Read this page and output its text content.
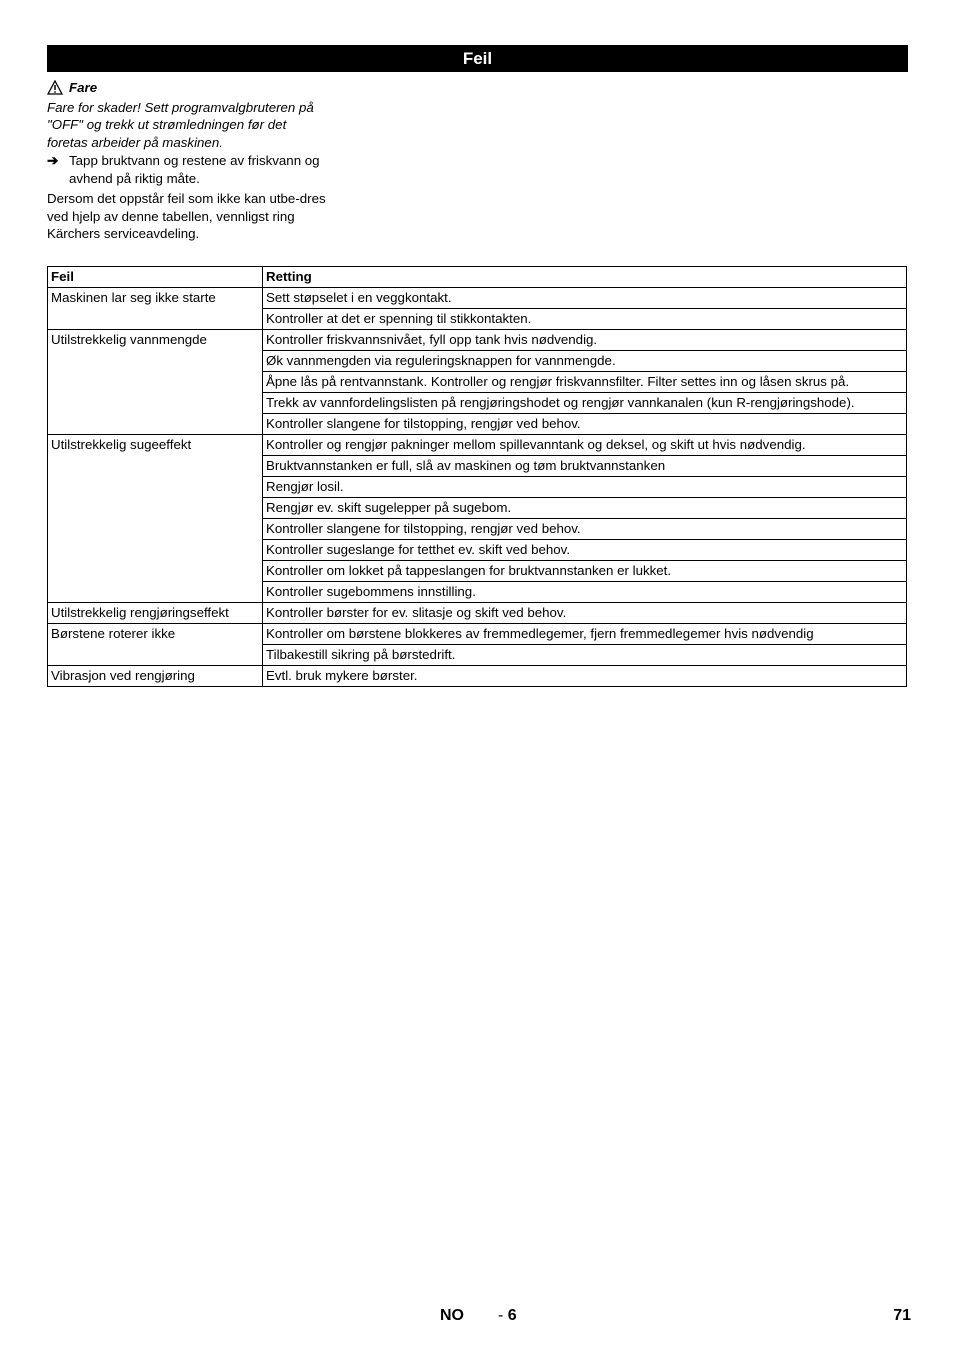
Feil
Fare
Fare for skader! Sett programvalgbruteren på "OFF" og trekk ut strømledningen før det foretas arbeider på maskinen.
➔ Tapp bruktvann og restene av friskvann og avhend på riktig måte.
Dersom det oppstår feil som ikke kan utbe-dres ved hjelp av denne tabellen, vennligst ring Kärchers serviceavdeling.
Feil	Retting
Maskinen lar seg ikke starte	Sett støpselet i en veggkontakt.
	Kontroller at det er spenning til stikkontakten.
Utilstrekkelig vannmengde	Kontroller friskvannsnivået, fyll opp tank hvis nødvendig.
	Øk vannmengden via reguleringsknappen for vannmengde.
	Åpne lås på rentvannstank. Kontroller og rengjør friskvannsfilter. Filter settes inn og låsen skrus på.
	Trekk av vannfordelingslisten på rengjøringshodet og rengjør vannkanalen (kun R-rengjøringshode).
	Kontroller slangene for tilstopping, rengjør ved behov.
Utilstrekkelig sugeeffekt	Kontroller og rengjør pakninger mellom spillevanntank og deksel, og skift ut hvis nødvendig.
	Bruktvannstanken er full, slå av maskinen og tøm bruktvannstanken
	Rengjør losil.
	Rengjør ev. skift sugelepper på sugebom.
	Kontroller slangene for tilstopping, rengjør ved behov.
	Kontroller sugeslange for tetthet ev. skift ved behov.
	Kontroller om lokket på tappeslangen for bruktvannstanken er lukket.
	Kontroller sugebommens innstilling.
Utilstrekkelig rengjøringseffekt	Kontroller børster for ev. slitasje og skift ved behov.
Børstene roterer ikke	Kontroller om børstene blokkeres av fremmedlegemer, fjern fremmedlegemer hvis nødvendig
	Tilbakestill sikring på børstedrift.
Vibrasjon ved rengjøring	Evtl. bruk mykere børster.
NO - 6	71
